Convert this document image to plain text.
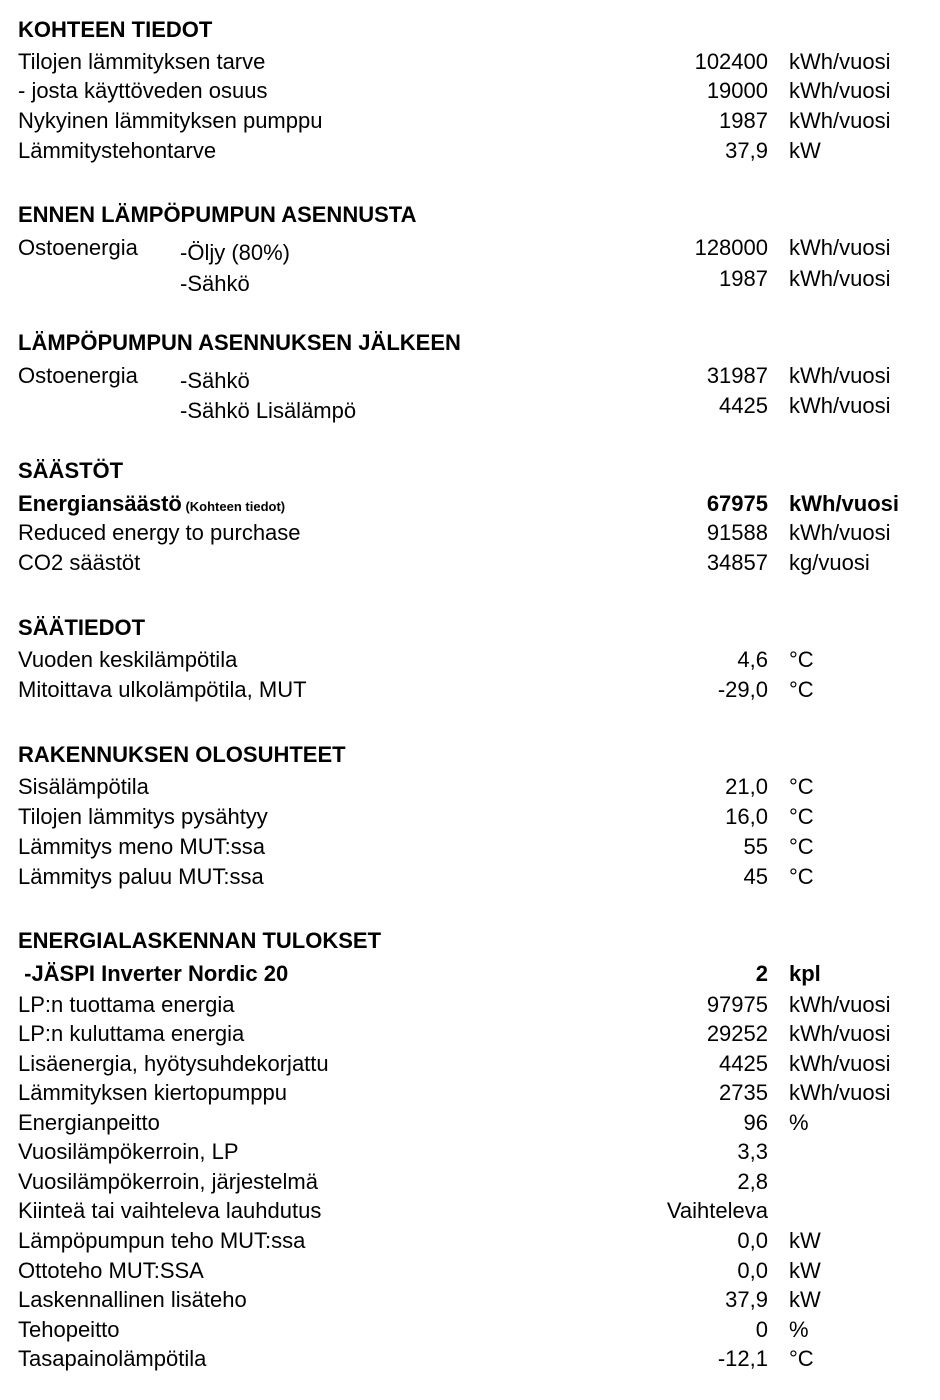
KOHTEEN TIEDOT
Tilojen lämmityksen tarve	102400 kWh/vuosi
- josta käyttöveden osuus	19000 kWh/vuosi
Nykyinen lämmityksen pumppu	1987 kWh/vuosi
Lämmitystehontarve	37,9 kW
ENNEN LÄMPÖPUMPUN ASENNUSTA
Ostoenergia -Öljy (80%)	128000 kWh/vuosi
-Sähkö	1987 kWh/vuosi
LÄMPÖPUMPUN ASENNUKSEN JÄLKEEN
Ostoenergia -Sähkö	31987 kWh/vuosi
-Sähkö Lisälämpö	4425 kWh/vuosi
SÄÄSTÖT
Energiansäästö (Kohteen tiedot)	67975 kWh/vuosi
Reduced energy to purchase	91588 kWh/vuosi
CO2 säästöt	34857 kg/vuosi
SÄÄTIEDOT
Vuoden keskilämpötila	4,6 °C
Mitoittava ulkolämpötila, MUT	-29,0 °C
RAKENNUKSEN OLOSUHTEET
Sisälämpötila	21,0 °C
Tilojen lämmitys pysähtyy	16,0 °C
Lämmitys meno MUT:ssa	55 °C
Lämmitys paluu MUT:ssa	45 °C
ENERGIALASKENNAN TULOKSET
-JÄSPI Inverter Nordic 20	2 kpl
LP:n tuottama energia	97975 kWh/vuosi
LP:n kuluttama energia	29252 kWh/vuosi
Lisäenergia, hyötysuhdekorjattu	4425 kWh/vuosi
Lämmityksen kiertopumppu	2735 kWh/vuosi
Energianpeitto	96 %
Vuosilämpökerroin, LP	3,3
Vuosilämpökerroin, järjestelmä	2,8
Kiinteä tai vaihteleva lauhdutus	Vaihteleva
Lämpöpumpun teho MUT:ssa	0,0 kW
Ottoteho MUT:SSA	0,0 kW
Laskennallinen lisäteho	37,9 kW
Tehopeitto	0 %
Tasapainolämpötila	-12,1 °C
